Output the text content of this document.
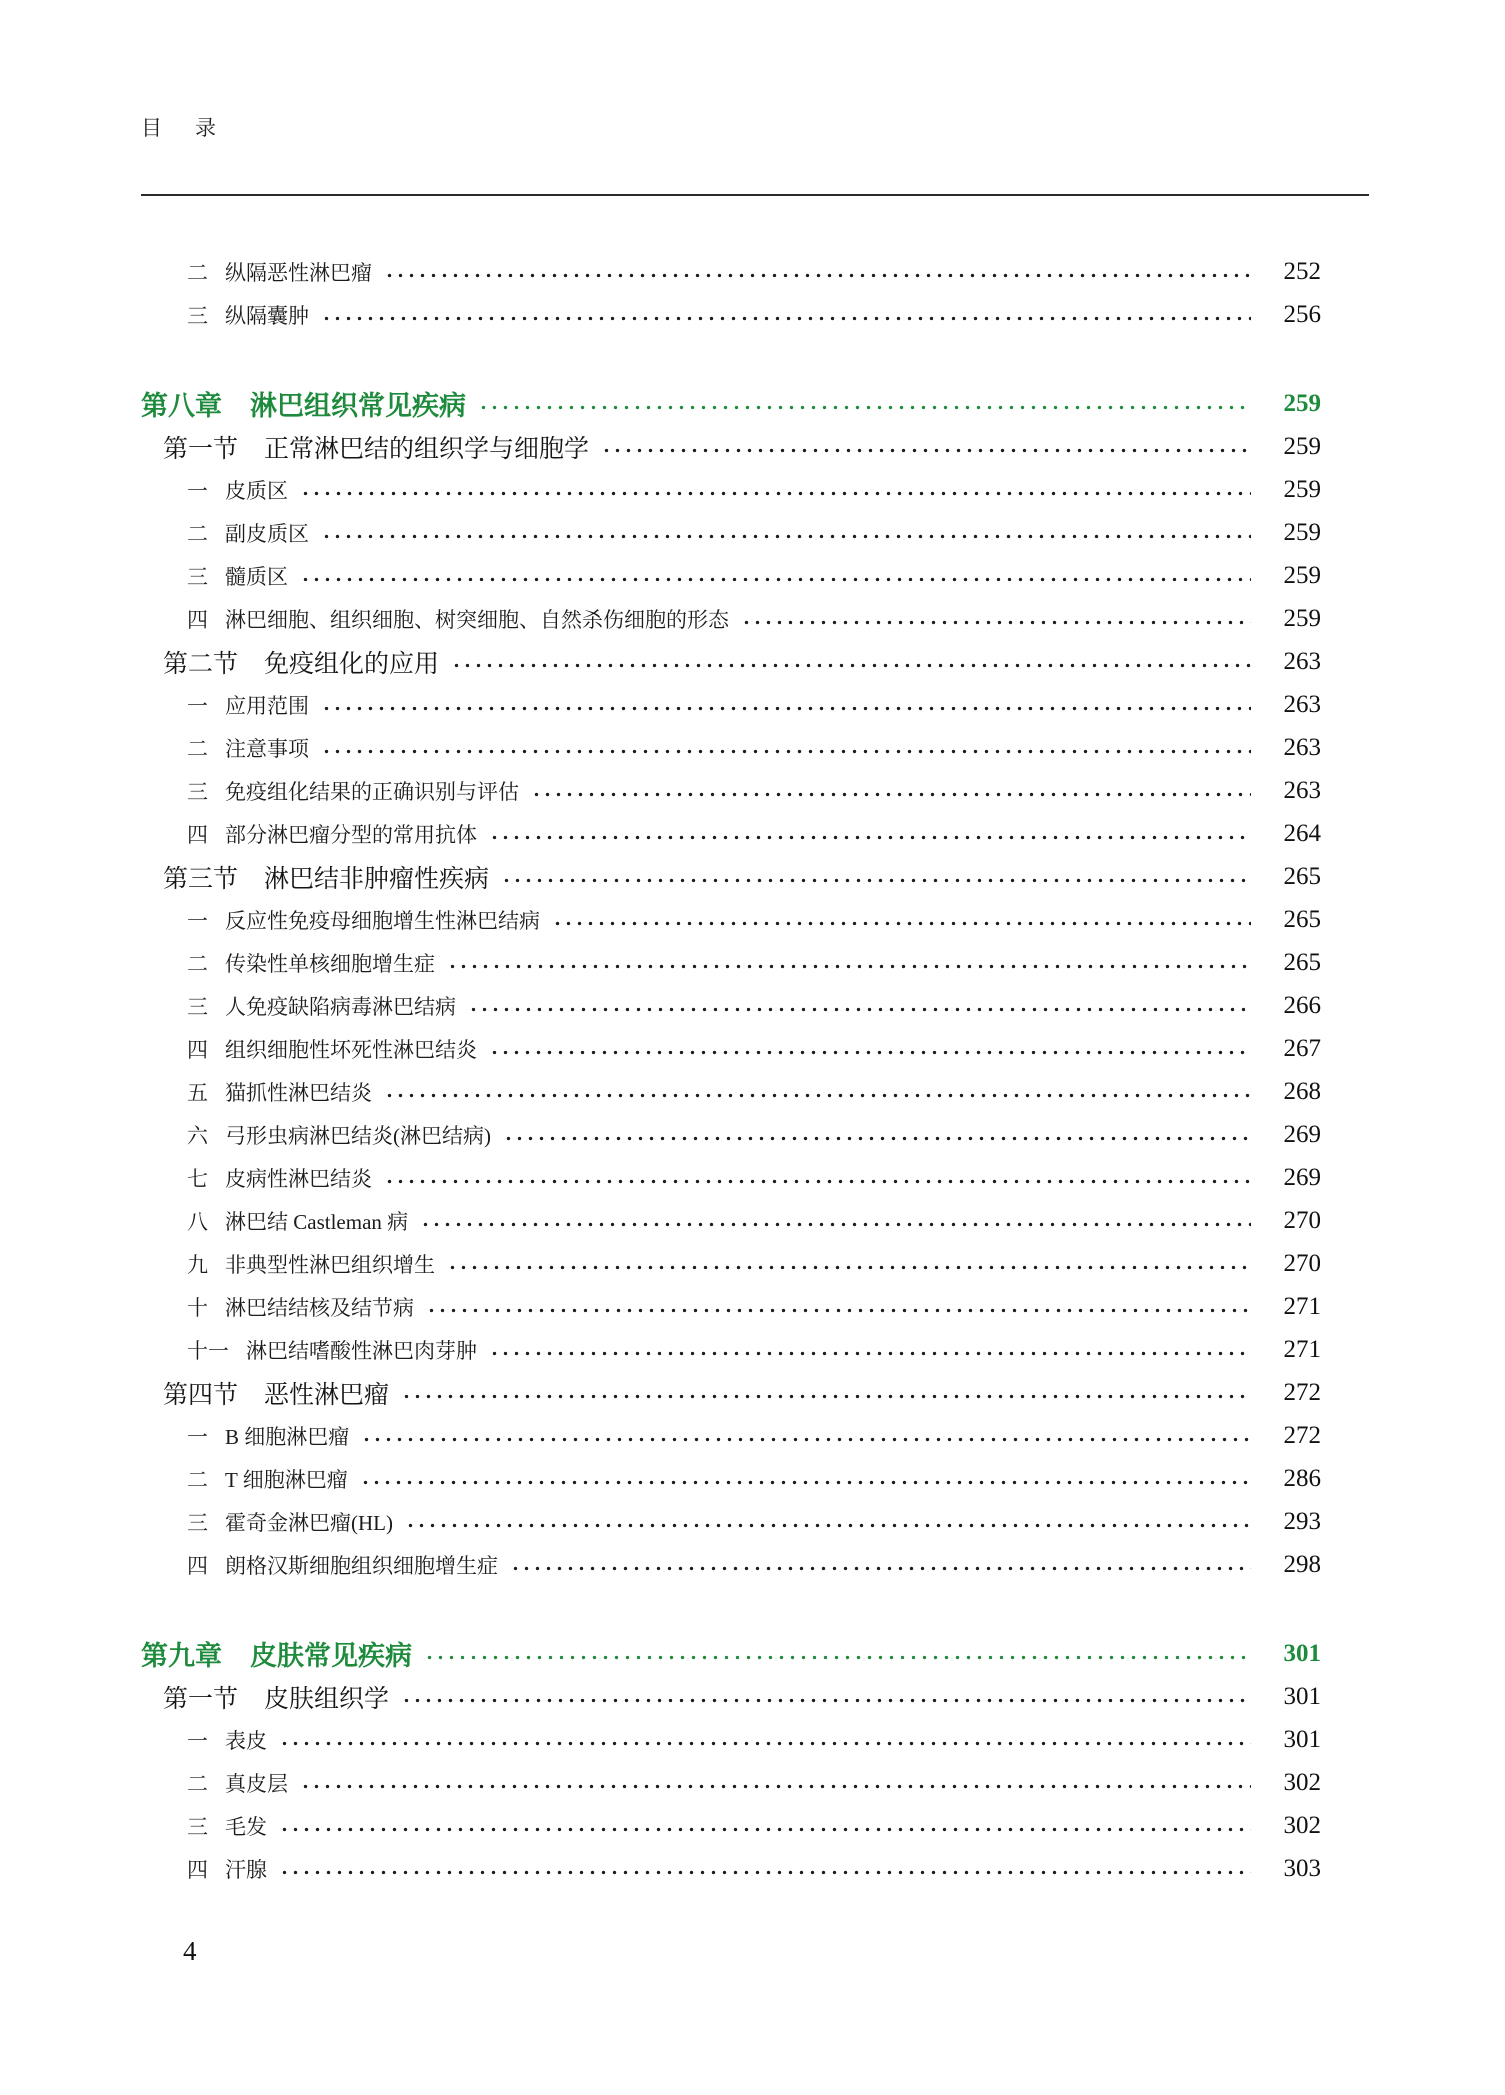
目　录
二 纵隔恶性淋巴瘤	252
三 纵隔囊肿	256
第八章 淋巴组织常见疾病	259
第一节 正常淋巴结的组织学与细胞学	259
一 皮质区	259
二 副皮质区	259
三 髓质区	259
四 淋巴细胞、组织细胞、树突细胞、自然杀伤细胞的形态	259
第二节 免疫组化的应用	263
一 应用范围	263
二 注意事项	263
三 免疫组化结果的正确识别与评估	263
四 部分淋巴瘤分型的常用抗体	264
第三节 淋巴结非肿瘤性疾病	265
一 反应性免疫母细胞增生性淋巴结病	265
二 传染性单核细胞增生症	265
三 人免疫缺陷病毒淋巴结病	266
四 组织细胞性坏死性淋巴结炎	267
五 猫抓性淋巴结炎	268
六 弓形虫病淋巴结炎(淋巴结病)	269
七 皮病性淋巴结炎	269
八 淋巴结 Castleman 病	270
九 非典型性淋巴组织增生	270
十 淋巴结结核及结节病	271
十一 淋巴结嗜酸性淋巴肉芽肿	271
第四节 恶性淋巴瘤	272
一 B 细胞淋巴瘤	272
二 T 细胞淋巴瘤	286
三 霍奇金淋巴瘤(HL)	293
四 朗格汉斯细胞组织细胞增生症	298
第九章 皮肤常见疾病	301
第一节 皮肤组织学	301
一 表皮	301
二 真皮层	302
三 毛发	302
四 汗腺	303
4
